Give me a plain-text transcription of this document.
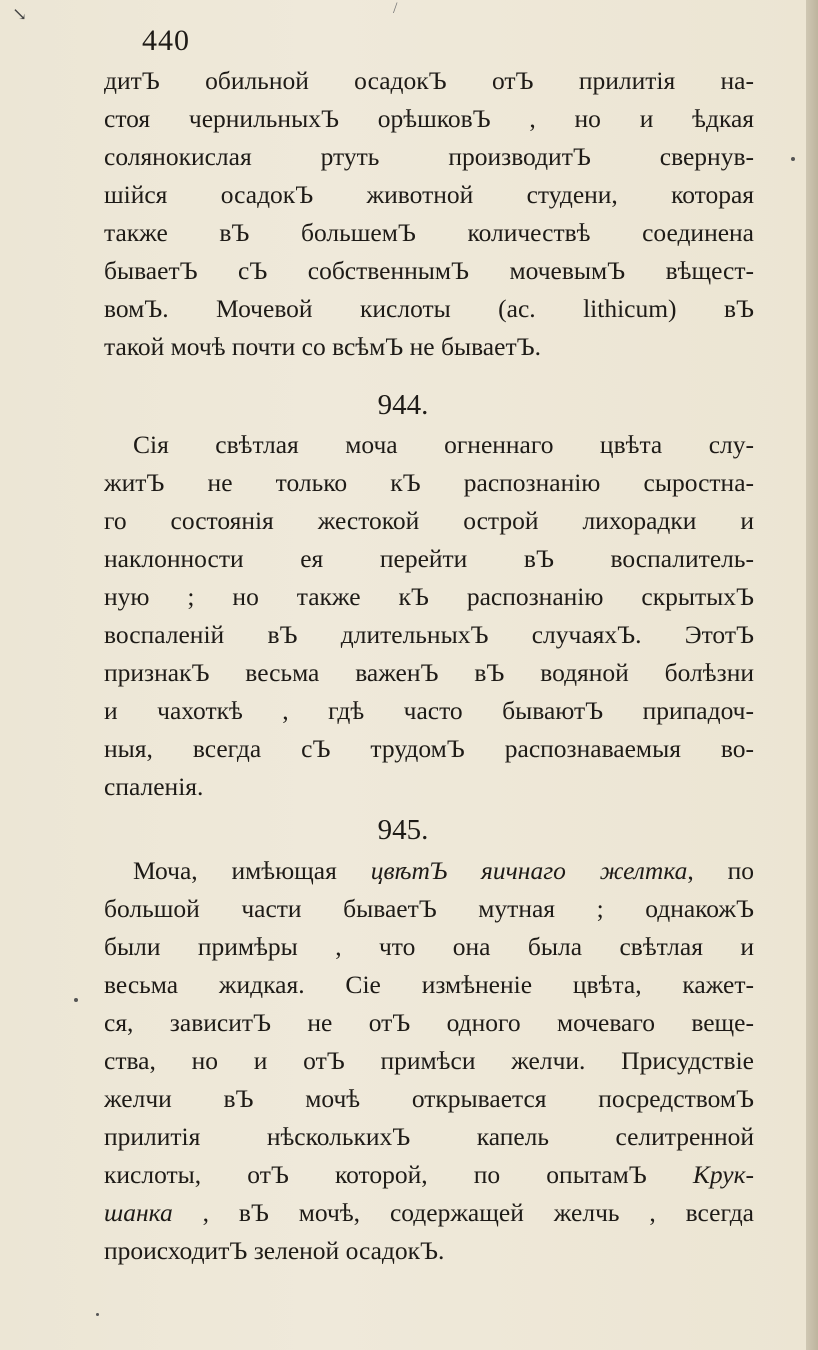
↘	/
440
дитЪ обильной осадокЪ отЪ прилитія на-
стоя чернильныхЪ орѣшковЪ , но и ѣдкая
солянокислая ртуть производитЪ свернув-
шійся осадокЪ животной студени, которая
также вЪ большемЪ количествѣ соединена
бываетЪ сЪ собственнымЪ мочевымЪ вѣщест-
вомЪ. Мочевой кислоты (ac. lithicum) вЪ
такой мочѣ почти со всѣмЪ не бываетЪ.
944.
Сія свѣтлая моча огненнаго цвѣта слу-
житЪ не только кЪ распознанію сыростна-
го состоянія жестокой острой лихорадки и
наклонности ея перейти вЪ воспалитель-
ную ; но также кЪ распознанію скрытыхЪ
воспаленій вЪ длительныхЪ случаяхЪ. ЭтотЪ
признакЪ весьма важенЪ вЪ водяной болѣзни
и чахоткѣ , гдѣ часто бываютЪ припадоч-
ныя, всегда сЪ трудомЪ распознаваемыя во-
спаленія.
945.
Моча, имѣющая цвѣтЪ яичнаго желтка, по
большой части бываетЪ мутная ; однакожЪ
были примѣры , что она была свѣтлая и
весьма жидкая. Сіе измѣненіе цвѣта, кажет-
ся, зависитЪ не отЪ одного мочеваго веще-
ства, но и отЪ примѣси желчи. Присудствіе
желчи вЪ мочѣ открывается посредствомЪ
прилитія нѣсколькихЪ капель селитренной
кислоты, отЪ которой, по опытамЪ Крук-
шанка , вЪ мочѣ, содержащей желчь , всегда
происходитЪ зеленой осадокЪ.
